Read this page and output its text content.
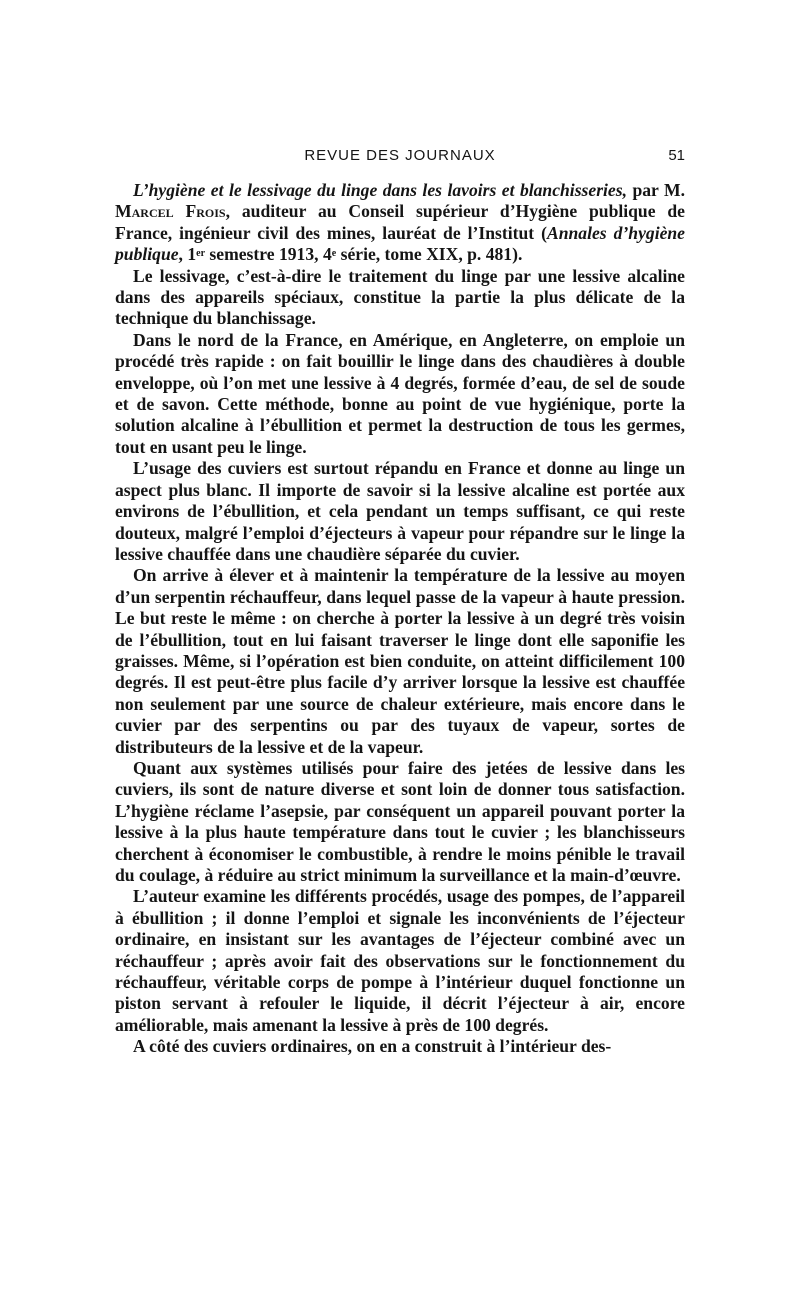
REVUE DES JOURNAUX	51

L’hygiène et le lessivage du linge dans les lavoirs et blanchisseries, par M. Marcel Frois, auditeur au Conseil supérieur d’Hygiène publique de France, ingénieur civil des mines, lauréat de l’Institut (Annales d’hygiène publique, 1er semestre 1913, 4e série, tome XIX, p. 481).

Le lessivage, c’est-à-dire le traitement du linge par une lessive alcaline dans des appareils spéciaux, constitue la partie la plus délicate de la technique du blanchissage.

Dans le nord de la France, en Amérique, en Angleterre, on emploie un procédé très rapide : on fait bouillir le linge dans des chaudières à double enveloppe, où l’on met une lessive à 4 degrés, formée d’eau, de sel de soude et de savon. Cette méthode, bonne au point de vue hygiénique, porte la solution alcaline à l’ébullition et permet la destruction de tous les germes, tout en usant peu le linge.

L’usage des cuviers est surtout répandu en France et donne au linge un aspect plus blanc. Il importe de savoir si la lessive alcaline est portée aux environs de l’ébullition, et cela pendant un temps suffisant, ce qui reste douteux, malgré l’emploi d’éjecteurs à vapeur pour répandre sur le linge la lessive chauffée dans une chaudière séparée du cuvier.

On arrive à élever et à maintenir la température de la lessive au moyen d’un serpentin réchauffeur, dans lequel passe de la vapeur à haute pression. Le but reste le même : on cherche à porter la lessive à un degré très voisin de l’ébullition, tout en lui faisant traverser le linge dont elle saponifie les graisses. Même, si l’opération est bien conduite, on atteint difficilement 100 degrés. Il est peut-être plus facile d’y arriver lorsque la lessive est chauffée non seulement par une source de chaleur extérieure, mais encore dans le cuvier par des serpentins ou par des tuyaux de vapeur, sortes de distributeurs de la lessive et de la vapeur.

Quant aux systèmes utilisés pour faire des jetées de lessive dans les cuviers, ils sont de nature diverse et sont loin de donner tous satisfaction. L’hygiène réclame l’asepsie, par conséquent un appareil pouvant porter la lessive à la plus haute température dans tout le cuvier ; les blanchisseurs cherchent à économiser le combustible, à rendre le moins pénible le travail du coulage, à réduire au strict minimum la surveillance et la main-d’œuvre.

L’auteur examine les différents procédés, usage des pompes, de l’appareil à ébullition ; il donne l’emploi et signale les inconvénients de l’éjecteur ordinaire, en insistant sur les avantages de l’éjecteur combiné avec un réchauffeur ; après avoir fait des observations sur le fonctionnement du réchauffeur, véritable corps de pompe à l’intérieur duquel fonctionne un piston servant à refouler le liquide, il décrit l’éjecteur à air, encore améliorable, mais amenant la lessive à près de 100 degrés.

A côté des cuviers ordinaires, on en a construit à l’intérieur des-
